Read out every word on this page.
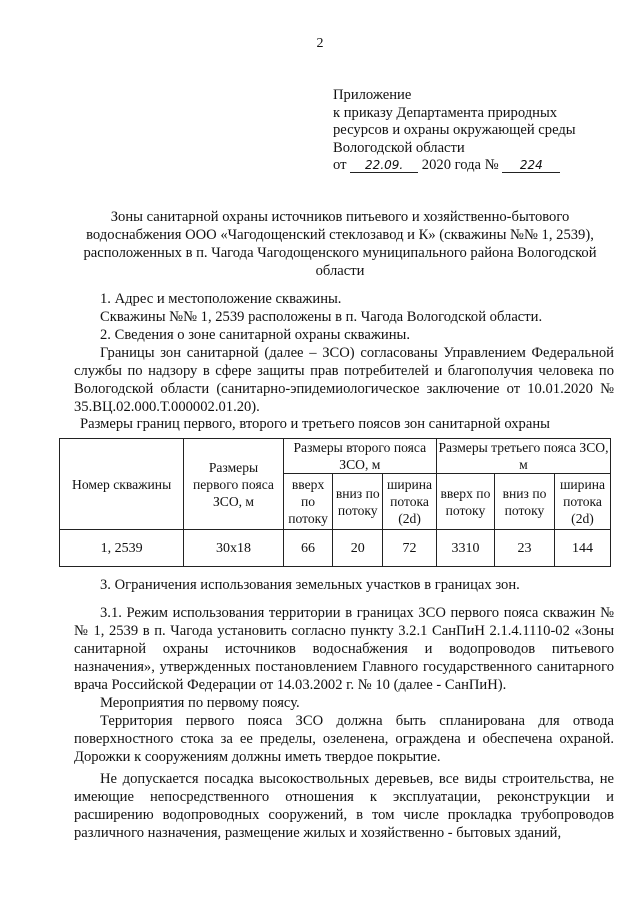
2
Приложение
к приказу Департамента природных
ресурсов и охраны окружающей среды
Вологодской области
от 22.09. 2020 года № 224
Зоны санитарной охраны источников питьевого и хозяйственно-бытового водоснабжения ООО «Чагодощенский стеклозавод и К» (скважины №№ 1, 2539), расположенных в п. Чагода Чагодощенского муниципального района Вологодской области

1. Адрес и местоположение скважины.

Скважины №№ 1, 2539 расположены в п. Чагода Вологодской области.

2. Сведения о зоне санитарной охраны скважины.

Границы зон санитарной (далее – ЗСО) согласованы Управлением Федеральной службы по надзору в сфере защиты прав потребителей и благополучия человека по Вологодской области (санитарно-эпидемиологическое заключение от 10.01.2020 № 35.ВЦ.02.000.Т.000002.01.20).

Размеры границ первого, второго и третьего поясов зон санитарной охраны
Номер скважины	Размеры первого пояса ЗСО, м	Размеры второго пояса ЗСО, м			Размеры третьего пояса ЗСО, м		
		вверх по потоку	вниз по потоку	ширина потока (2d)	вверх по потоку	вниз по потоку	ширина потока (2d)
1, 2539	30x18	66	20	72	3310	23	144

3. Ограничения использования земельных участков в границах зон.

3.1. Режим использования территории в границах ЗСО первого пояса скважин №№ 1, 2539 в п. Чагода установить согласно пункту 3.2.1 СанПиН 2.1.4.1110-02 «Зоны санитарной охраны источников водоснабжения и водопроводов питьевого назначения», утвержденных постановлением Главного государственного санитарного врача Российской Федерации от 14.03.2002 г. № 10 (далее - СанПиН).

Мероприятия по первому поясу.

Территория первого пояса ЗСО должна быть спланирована для отвода поверхностного стока за ее пределы, озеленена, ограждена и обеспечена охраной. Дорожки к сооружениям должны иметь твердое покрытие.

Не допускается посадка высокоствольных деревьев, все виды строительства, не имеющие непосредственного отношения к эксплуатации, реконструкции и расширению водопроводных сооружений, в том числе прокладка трубопроводов различного назначения, размещение жилых и хозяйственно - бытовых зданий,
